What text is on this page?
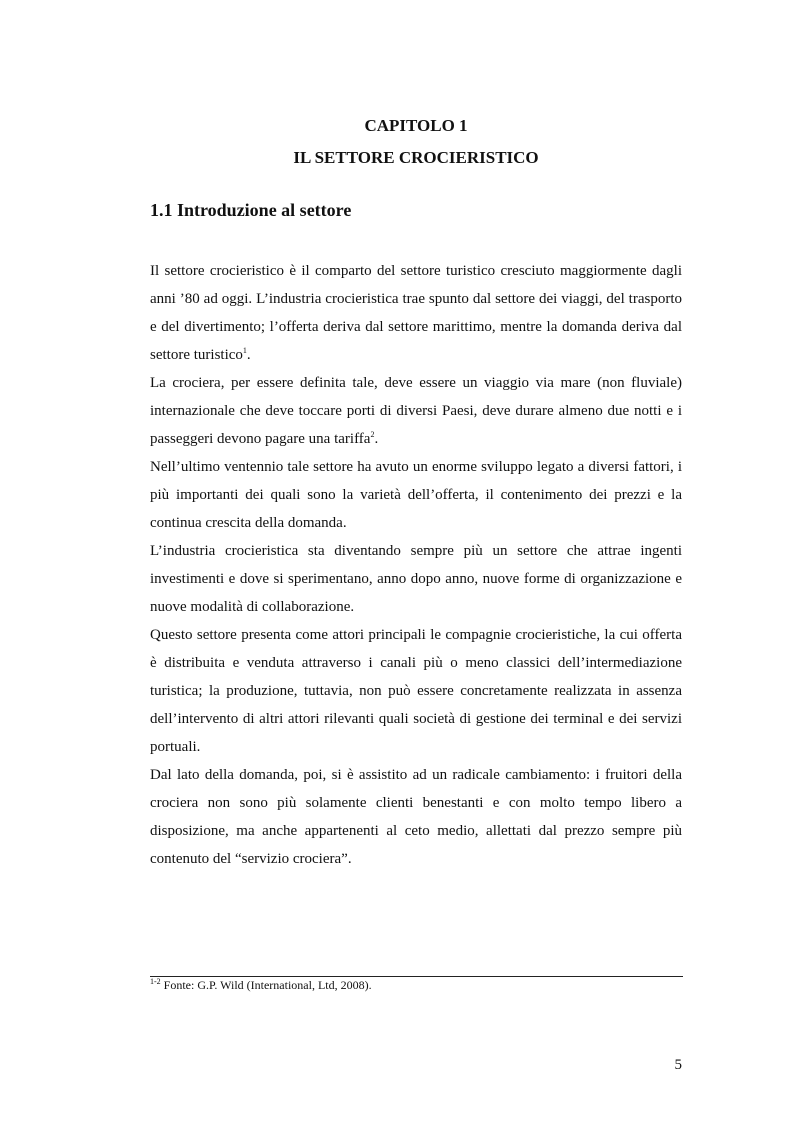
CAPITOLO 1
IL SETTORE CROCIERISTICO
1.1 Introduzione al settore

Il settore crocieristico è il comparto del settore turistico cresciuto maggiormente dagli anni ’80 ad oggi. L’industria crocieristica trae spunto dal settore dei viaggi, del trasporto e del divertimento; l’offerta deriva dal settore marittimo, mentre la domanda deriva dal settore turistico$^1$.

La crociera, per essere definita tale, deve essere un viaggio via mare (non fluviale) internazionale che deve toccare porti di diversi Paesi, deve durare almeno due notti e i passeggeri devono pagare una tariffa$^2$.

Nell’ultimo ventennio tale settore ha avuto un enorme sviluppo legato a diversi fattori, i più importanti dei quali sono la varietà dell’offerta, il contenimento dei prezzi e la continua crescita della domanda.

L’industria crocieristica sta diventando sempre più un settore che attrae ingenti investimenti e dove si sperimentano, anno dopo anno, nuove forme di organizzazione e nuove modalità di collaborazione.

Questo settore presenta come attori principali le compagnie crocieristiche, la cui offerta è distribuita e venduta attraverso i canali più o meno classici dell’intermediazione turistica; la produzione, tuttavia, non può essere concretamente realizzata in assenza dell’intervento di altri attori rilevanti quali società di gestione dei terminal e dei servizi portuali.

Dal lato della domanda, poi, si è assistito ad un radicale cambiamento: i fruitori della crociera non sono più solamente clienti benestanti e con molto tempo libero a disposizione, ma anche appartenenti al ceto medio, allettati dal prezzo sempre più contenuto del “servizio crociera”.

$^{1-2}$ Fonte: G.P. Wild (International, Ltd, 2008).
5
